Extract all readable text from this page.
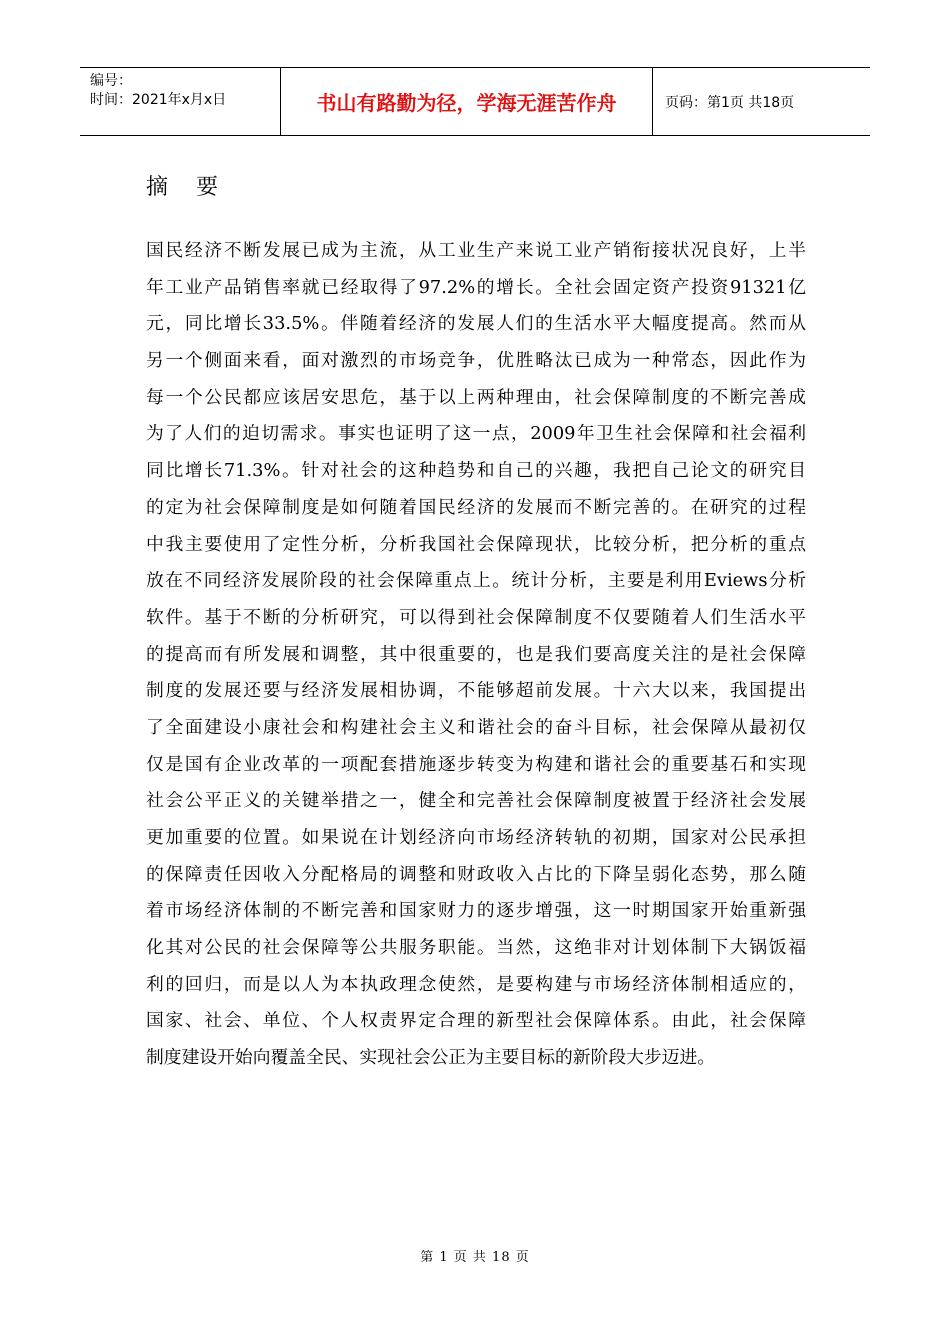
编号：
时间：2021年x月x日	书山有路勤为径，学海无涯苦作舟	页码：第1页 共18页
摘要
国民经济不断发展已成为主流，从工业生产来说工业产销衔接状况良好，上半
年工业产品销售率就已经取得了97.2%的增长。全社会固定资产投资91321亿
元，同比增长33.5%。伴随着经济的发展人们的生活水平大幅度提高。然而从
另一个侧面来看，面对激烈的市场竞争，优胜略汰已成为一种常态，因此作为
每一个公民都应该居安思危，基于以上两种理由，社会保障制度的不断完善成
为了人们的迫切需求。事实也证明了这一点，2009年卫生社会保障和社会福利
同比增长71.3%。针对社会的这种趋势和自己的兴趣，我把自己论文的研究目
的定为社会保障制度是如何随着国民经济的发展而不断完善的。在研究的过程
中我主要使用了定性分析，分析我国社会保障现状，比较分析，把分析的重点
放在不同经济发展阶段的社会保障重点上。统计分析，主要是利用Eviews分析
软件。基于不断的分析研究，可以得到社会保障制度不仅要随着人们生活水平
的提高而有所发展和调整，其中很重要的，也是我们要高度关注的是社会保障
制度的发展还要与经济发展相协调，不能够超前发展。十六大以来，我国提出
了全面建设小康社会和构建社会主义和谐社会的奋斗目标，社会保障从最初仅
仅是国有企业改革的一项配套措施逐步转变为构建和谐社会的重要基石和实现
社会公平正义的关键举措之一，健全和完善社会保障制度被置于经济社会发展
更加重要的位置。如果说在计划经济向市场经济转轨的初期，国家对公民承担
的保障责任因收入分配格局的调整和财政收入占比的下降呈弱化态势，那么随
着市场经济体制的不断完善和国家财力的逐步增强，这一时期国家开始重新强
化其对公民的社会保障等公共服务职能。当然，这绝非对计划体制下大锅饭福
利的回归，而是以人为本执政理念使然，是要构建与市场经济体制相适应的，
国家、社会、单位、个人权责界定合理的新型社会保障体系。由此，社会保障
制度建设开始向覆盖全民、实现社会公正为主要目标的新阶段大步迈进。
第 1 页 共 18 页
